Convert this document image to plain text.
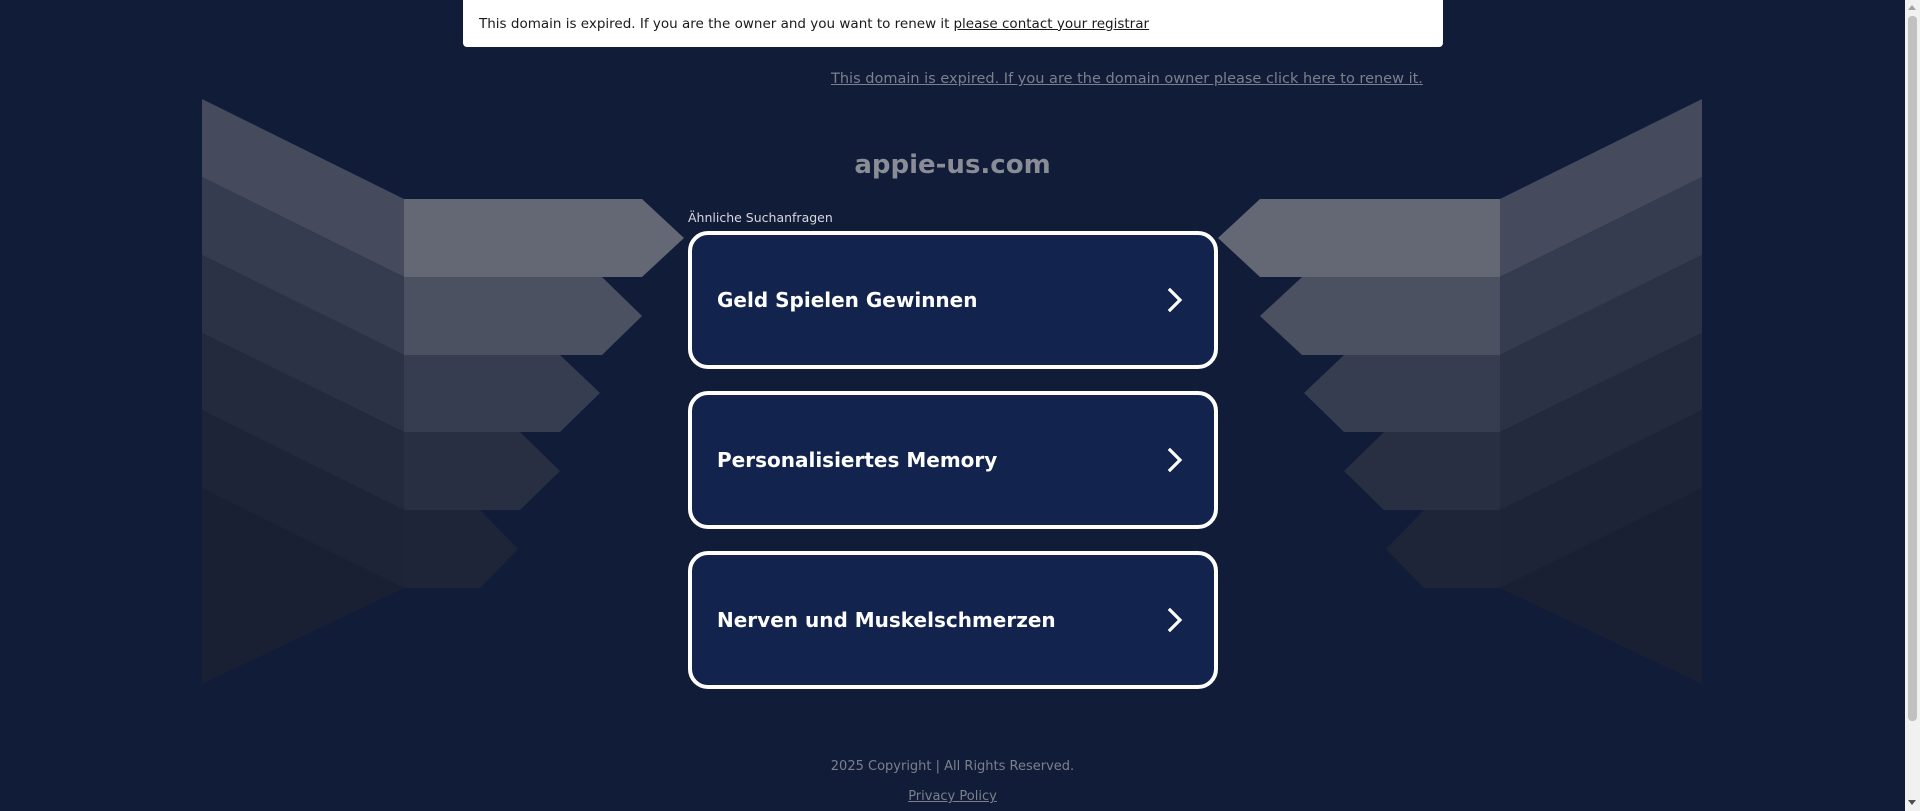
This domain is expired. If you are the owner and you want to renew it please contact your registrar
This domain is expired. If you are the domain owner please click here to renew it.
appie-us.com
Ähnliche Suchanfragen
Geld Spielen Gewinnen
Personalisiertes Memory
Nerven und Muskelschmerzen
2025 Copyright | All Rights Reserved.
Privacy Policy
